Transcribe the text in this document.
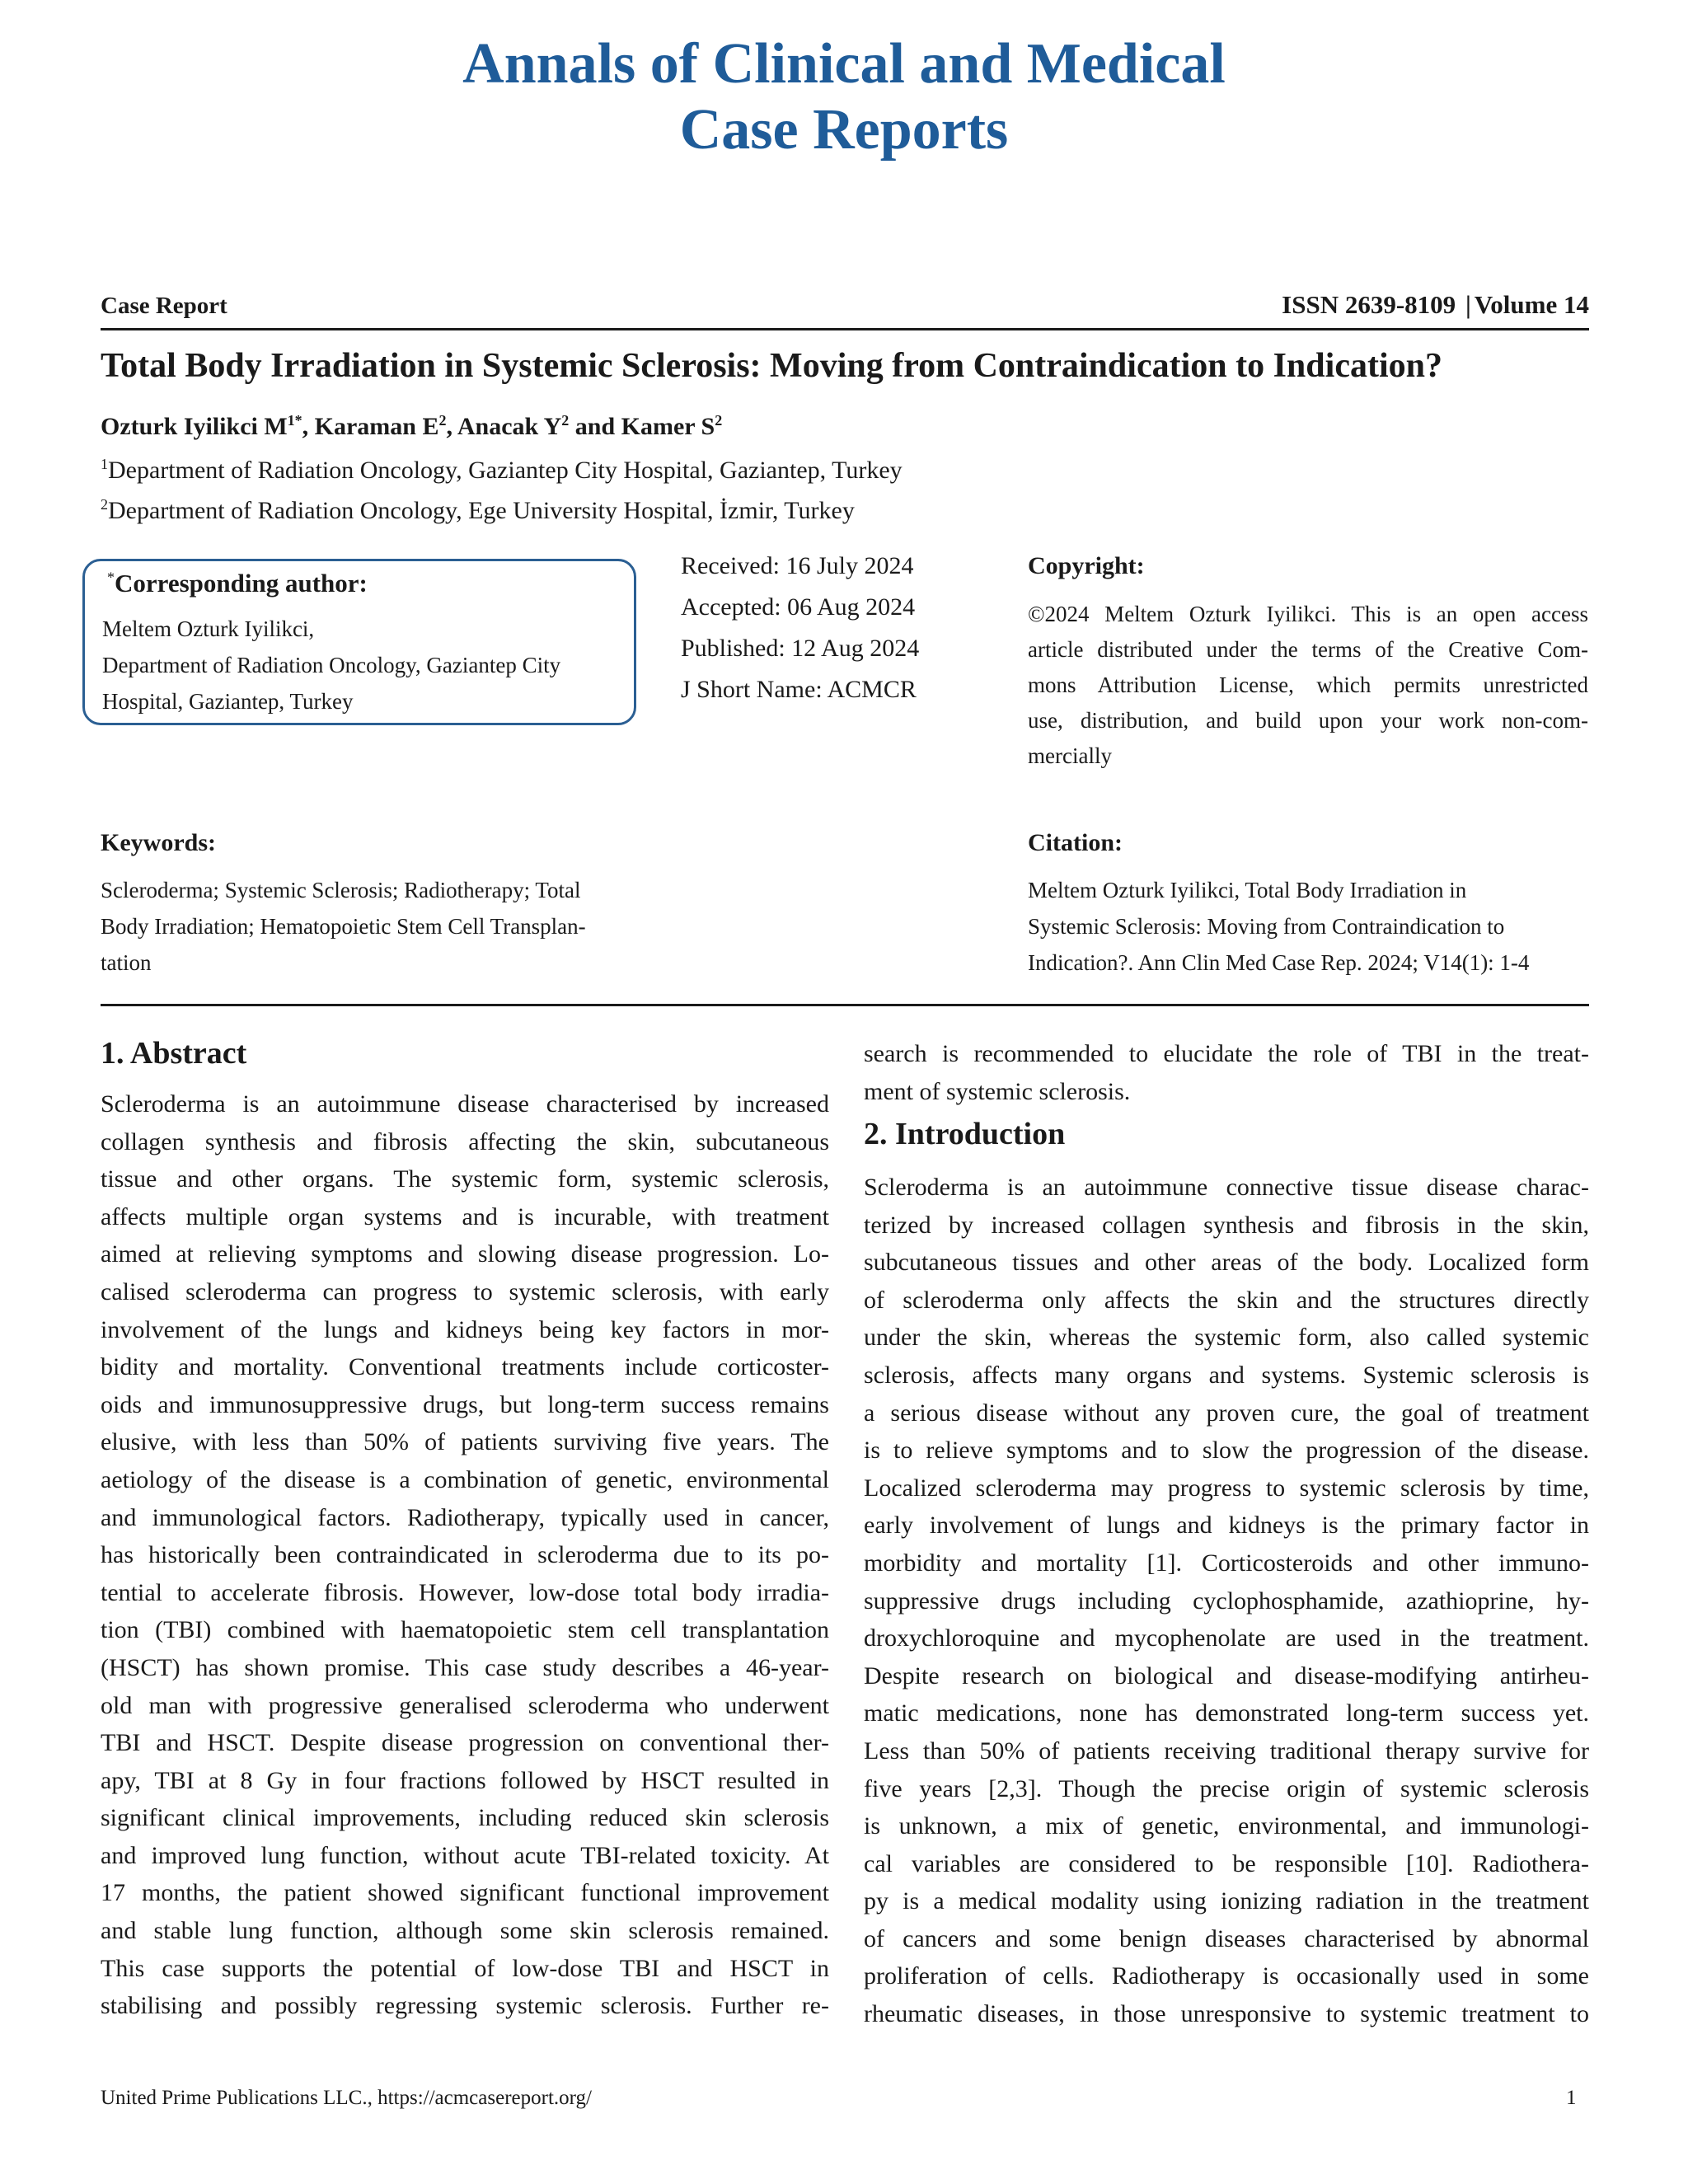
Annals of Clinical and Medical
Case Reports
Case Report	ISSN 2639-8109 | Volume 14
Total Body Irradiation in Systemic Sclerosis: Moving from Contraindication to Indication?
Ozturk Iyilikci $M^{1*}$, Karaman $E^2$, Anacak $Y^2$ and Kamer $S^2$
$^1$Department of Radiation Oncology, Gaziantep City Hospital, Gaziantep, Turkey
$^2$Department of Radiation Oncology, Ege University Hospital, İzmir, Turkey
*Corresponding author:
Meltem Ozturk Iyilikci,
Department of Radiation Oncology, Gaziantep City
Hospital, Gaziantep, Turkey
Received: 16 July 2024
Accepted: 06 Aug 2024
Published: 12 Aug 2024
J Short Name: ACMCR
Copyright:
©2024 Meltem Ozturk Iyilikci. This is an open access
article distributed under the terms of the Creative Com-
mons Attribution License, which permits unrestricted
use, distribution, and build upon your work non-com-
mercially
Keywords:
Scleroderma; Systemic Sclerosis; Radiotherapy; Total
Body Irradiation; Hematopoietic Stem Cell Transplan-
tation
Citation:
Meltem Ozturk Iyilikci, Total Body Irradiation in
Systemic Sclerosis: Moving from Contraindication to
Indication?. Ann Clin Med Case Rep. 2024; V14(1): 1-4
1. Abstract
Scleroderma is an autoimmune disease characterised by increased
collagen synthesis and fibrosis affecting the skin, subcutaneous
tissue and other organs. The systemic form, systemic sclerosis,
affects multiple organ systems and is incurable, with treatment
aimed at relieving symptoms and slowing disease progression. Lo-
calised scleroderma can progress to systemic sclerosis, with early
involvement of the lungs and kidneys being key factors in mor-
bidity and mortality. Conventional treatments include corticoster-
oids and immunosuppressive drugs, but long-term success remains
elusive, with less than 50% of patients surviving five years. The
aetiology of the disease is a combination of genetic, environmental
and immunological factors. Radiotherapy, typically used in cancer,
has historically been contraindicated in scleroderma due to its po-
tential to accelerate fibrosis. However, low-dose total body irradia-
tion (TBI) combined with haematopoietic stem cell transplantation
(HSCT) has shown promise. This case study describes a 46-year-
old man with progressive generalised scleroderma who underwent
TBI and HSCT. Despite disease progression on conventional ther-
apy, TBI at 8 Gy in four fractions followed by HSCT resulted in
significant clinical improvements, including reduced skin sclerosis
and improved lung function, without acute TBI-related toxicity. At
17 months, the patient showed significant functional improvement
and stable lung function, although some skin sclerosis remained.
This case supports the potential of low-dose TBI and HSCT in
stabilising and possibly regressing systemic sclerosis. Further re-
search is recommended to elucidate the role of TBI in the treat-
ment of systemic sclerosis.
2. Introduction
Scleroderma is an autoimmune connective tissue disease charac-
terized by increased collagen synthesis and fibrosis in the skin,
subcutaneous tissues and other areas of the body. Localized form
of scleroderma only affects the skin and the structures directly
under the skin, whereas the systemic form, also called systemic
sclerosis, affects many organs and systems. Systemic sclerosis is
a serious disease without any proven cure, the goal of treatment
is to relieve symptoms and to slow the progression of the disease.
Localized scleroderma may progress to systemic sclerosis by time,
early involvement of lungs and kidneys is the primary factor in
morbidity and mortality [1]. Corticosteroids and other immuno-
suppressive drugs including cyclophosphamide, azathioprine, hy-
droxychloroquine and mycophenolate are used in the treatment.
Despite research on biological and disease-modifying antirheu-
matic medications, none has demonstrated long-term success yet.
Less than 50% of patients receiving traditional therapy survive for
five years [2,3]. Though the precise origin of systemic sclerosis
is unknown, a mix of genetic, environmental, and immunologi-
cal variables are considered to be responsible [10]. Radiothera-
py is a medical modality using ionizing radiation in the treatment
of cancers and some benign diseases characterised by abnormal
proliferation of cells. Radiotherapy is occasionally used in some
rheumatic diseases, in those unresponsive to systemic treatment to
United Prime Publications LLC., https://acmcasereport.org/	1
